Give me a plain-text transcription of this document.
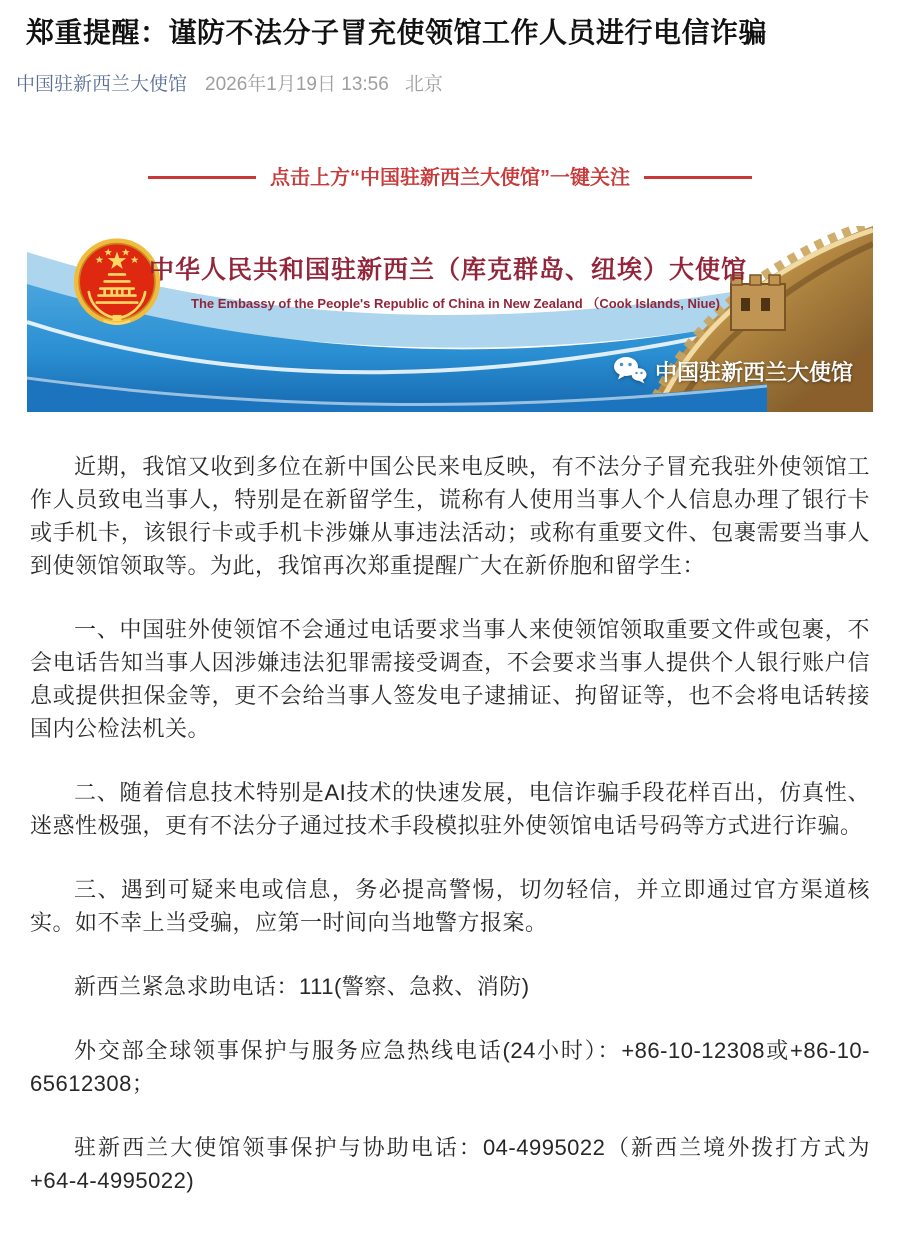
郑重提醒：谨防不法分子冒充使领馆工作人员进行电信诈骗
中国驻新西兰大使馆 2026年1月19日 13:56 北京
点击上方“中国驻新西兰大使馆”一键关注
中华人民共和国驻新西兰（库克群岛、纽埃）大使馆
The Embassy of the People's Republic of China in New Zealand （Cook Islands, Niue)
中国驻新西兰大使馆

近期，我馆又收到多位在新中国公民来电反映，有不法分子冒充我驻外使领馆工作人员致电当事人，特别是在新留学生，谎称有人使用当事人个人信息办理了银行卡或手机卡，该银行卡或手机卡涉嫌从事违法活动；或称有重要文件、包裹需要当事人到使领馆领取等。为此，我馆再次郑重提醒广大在新侨胞和留学生：

一、中国驻外使领馆不会通过电话要求当事人来使领馆领取重要文件或包裹，不会电话告知当事人因涉嫌违法犯罪需接受调查，不会要求当事人提供个人银行账户信息或提供担保金等，更不会给当事人签发电子逮捕证、拘留证等，也不会将电话转接国内公检法机关。

二、随着信息技术特别是AI技术的快速发展，电信诈骗手段花样百出，仿真性、迷惑性极强，更有不法分子通过技术手段模拟驻外使领馆电话号码等方式进行诈骗。

三、遇到可疑来电或信息，务必提高警惕，切勿轻信，并立即通过官方渠道核实。如不幸上当受骗，应第一时间向当地警方报案。

新西兰紧急求助电话：111(警察、急救、消防)

外交部全球领事保护与服务应急热线电话(24小时）：+86-10-12308或+86-10-65612308；

驻新西兰大使馆领事保护与协助电话：04-4995022（新西兰境外拨打方式为+64-4-4995022)
